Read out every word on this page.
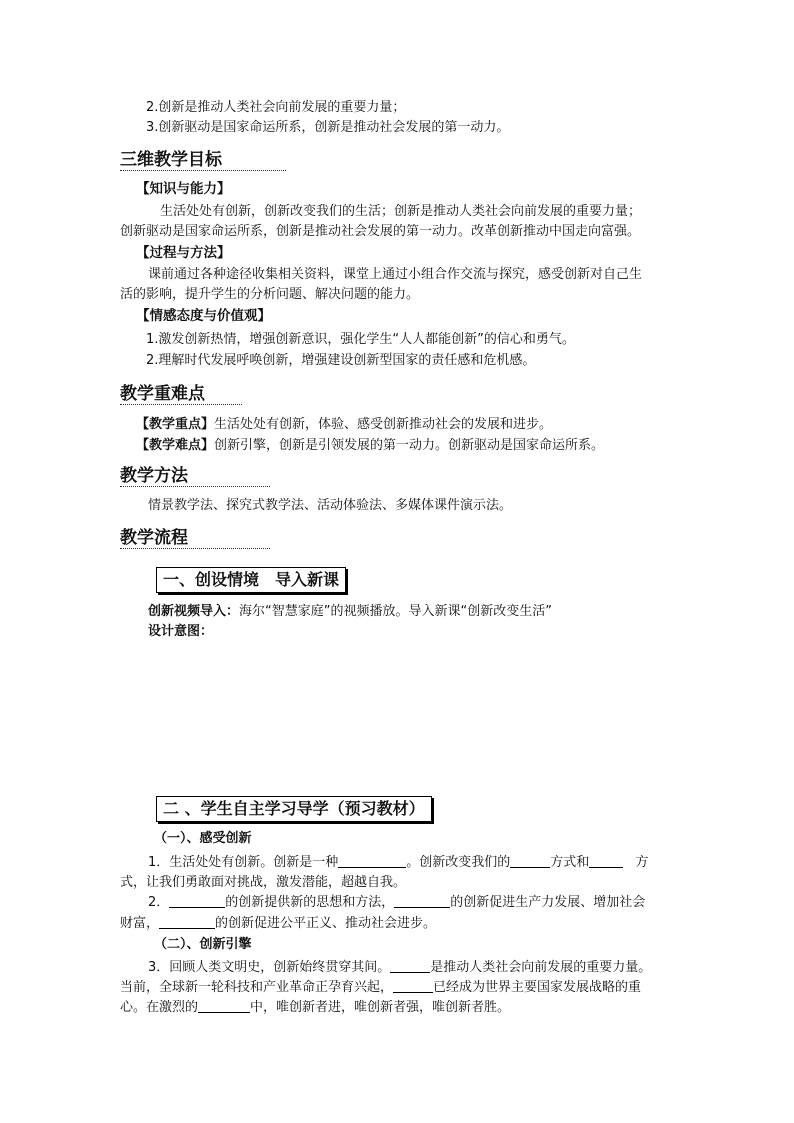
2.创新是推动人类社会向前发展的重要力量；
3.创新驱动是国家命运所系，创新是推动社会发展的第一动力。
三维教学目标
【知识与能力】
生活处处有创新，创新改变我们的生活；创新是推动人类社会向前发展的重要力量；
创新驱动是国家命运所系，创新是推动社会发展的第一动力。改革创新推动中国走向富强。
【过程与方法】
课前通过各种途径收集相关资料，课堂上通过小组合作交流与探究，感受创新对自己生
活的影响，提升学生的分析问题、解决问题的能力。
【情感态度与价值观】
1.激发创新热情，增强创新意识，强化学生“人人都能创新”的信心和勇气。
2.理解时代发展呼唤创新，增强建设创新型国家的责任感和危机感。
教学重难点
【教学重点】生活处处有创新，体验、感受创新推动社会的发展和进步。
【教学难点】创新引擎，创新是引领发展的第一动力。创新驱动是国家命运所系。
教学方法
情景教学法、探究式教学法、活动体验法、多媒体课件演示法。
教学流程
一、创设情境　导入新课
创新视频导入：海尔“智慧家庭”的视频播放。导入新课“创新改变生活”
设计意图：
二 、学生自主学习导学（预习教材）
（一）、感受创新
1．生活处处有创新。创新是一种	。创新改变我们的	方式和	方
式，让我们勇敢面对挑战，激发潜能，超越自我。
2．	的创新提供新的思想和方法，	的创新促进生产力发展、增加社会
财富，	的创新促进公平正义、推动社会进步。
（二）、创新引擎
3．回顾人类文明史，创新始终贯穿其间。	是推动人类社会向前发展的重要力量。
当前，全球新一轮科技和产业革命正孕育兴起，	已经成为世界主要国家发展战略的重
心。在激烈的	中，唯创新者进，唯创新者强，唯创新者胜。
